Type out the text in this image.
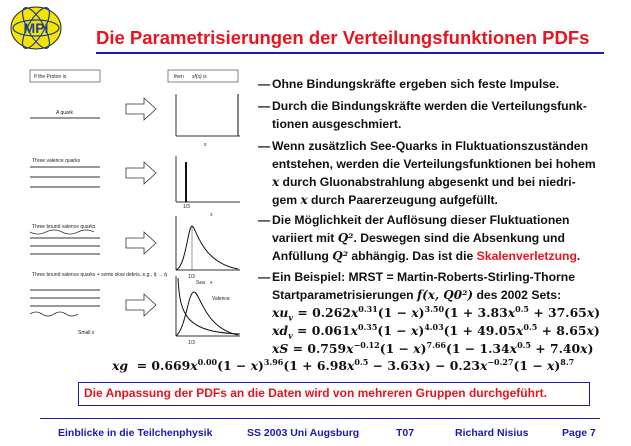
MPI	Die Parametrisierungen der Verteilungsfunktionen PDFs
If the Proton is	then xf(x) is
A quark
x
Three valence quarks
1/3
x
Three bound valence quarks
1/3
x
Three bound valence quarks + some slow debris, e.g., q̄ → q̄
Small x
Sea
Valence
1/3
— Ohne Bindungskräfte ergeben sich feste Impulse.
— Durch die Bindungskräfte werden die Verteilungsfunk-
tionen ausgeschmiert.
— Wenn zusätzlich See-Quarks in Fluktuationszuständen
entstehen, werden die Verteilungsfunktionen bei hohem
x durch Gluonabstrahlung abgesenkt und bei niedri-
gem x durch Paarerzeugung aufgefüllt.
— Die Möglichkeit der Auflösung dieser Fluktuationen
variiert mit Q². Deswegen sind die Absenkung und
Anfüllung Q² abhängig. Das ist die Skalenverletzung.
— Ein Beispiel: MRST = Martin-Roberts-Stirling-Thorne
Startparametrisierungen f(x, Q0²) des 2002 Sets:
$xu_v = 0.262x^{0.31}(1 - x)^{3.50}(1 + 3.83x^{0.5} + 37.65x)$
$xd_v = 0.061x^{0.35}(1 - x)^{4.03}(1 + 49.05x^{0.5} + 8.65x)$
xS = $0.759x^{-0.12}(1 - x)^{7.66}(1 - 1.34x^{0.5} + 7.40x)$
xg  = $0.669x^{0.00}(1 - x)^{3.96}(1 + 6.98x^{0.5} - 3.63x) - 0.23x^{-0.27}(1 - x)^{8.7}$
Die Anpassung der PDFs an die Daten wird von mehreren Gruppen durchgeführt.
Einblicke in die Teilchenphysik	SS 2003 Uni Augsburg	T07	Richard Nisius	Page 7
